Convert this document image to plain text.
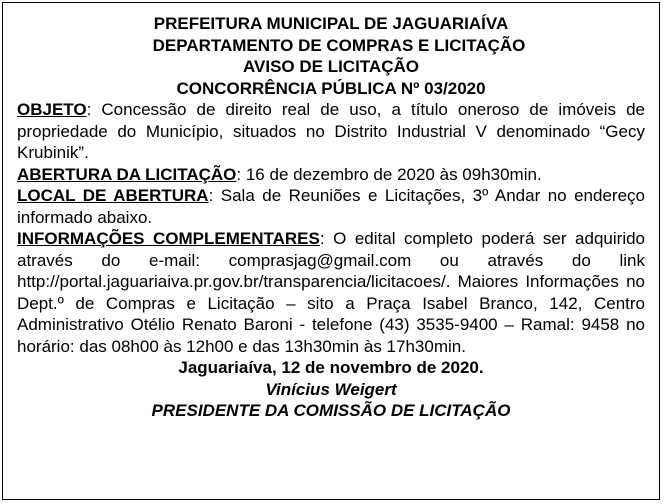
PREFEITURA MUNICIPAL DE JAGUARIAÍVA
DEPARTAMENTO DE COMPRAS E LICITAÇÃO
AVISO DE LICITAÇÃO
CONCORRÊNCIA PÚBLICA Nº 03/2020

OBJETO: Concessão de direito real de uso, a título oneroso de imóveis de propriedade do Município, situados no Distrito Industrial V denominado “Gecy Krubinik”.

ABERTURA DA LICITAÇÃO: 16 de dezembro de 2020 às 09h30min.

LOCAL DE ABERTURA: Sala de Reuniões e Licitações, 3º Andar no endereço informado abaixo.

INFORMAÇÕES COMPLEMENTARES: O edital completo poderá ser adquirido através do e-mail: comprasjag@gmail.com ou através do link http://portal.jaguariaiva.pr.gov.br/transparencia/licitacoes/. Maiores Informações no Dept.º de Compras e Licitação – sito a Praça Isabel Branco, 142, Centro Administrativo Otélio Renato Baroni - telefone (43) 3535-9400 – Ramal: 9458 no horário: das 08h00 às 12h00 e das 13h30min às 17h30min.

Jaguariaíva, 12 de novembro de 2020.
Vinícius Weigert
PRESIDENTE DA COMISSÃO DE LICITAÇÃO
